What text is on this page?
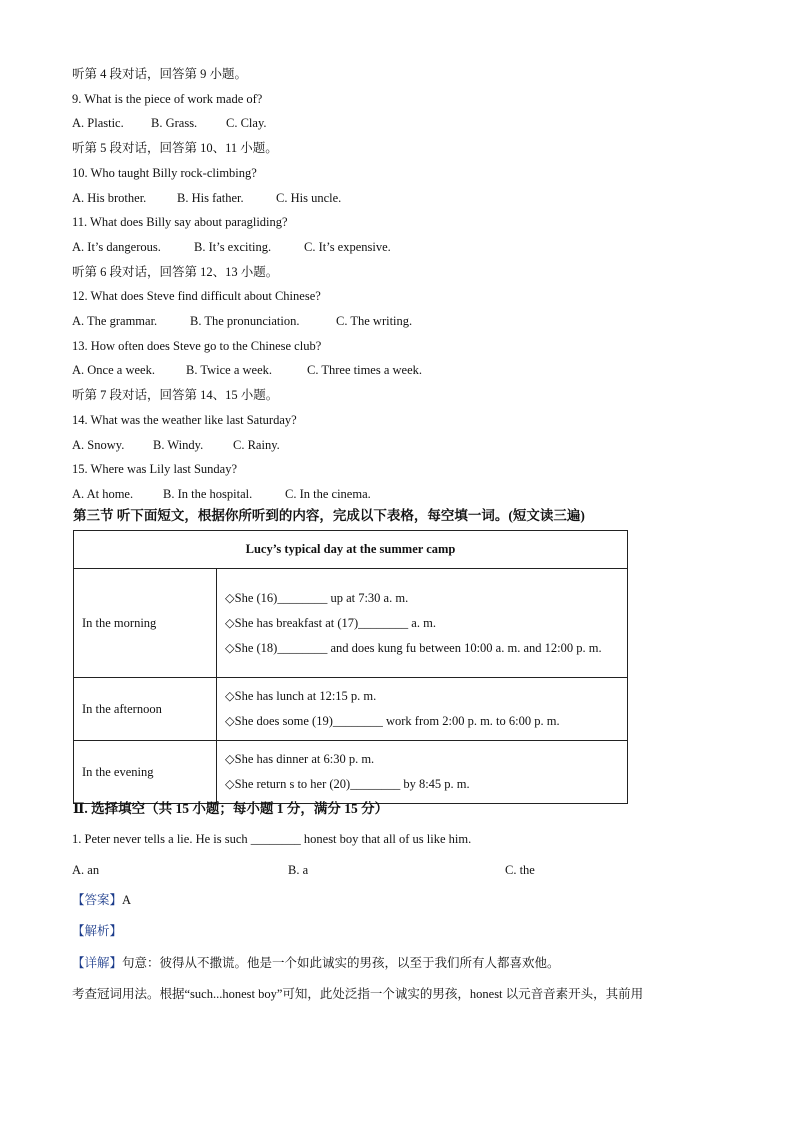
听第 4 段对话，回答第 9 小题。
9. What is the piece of work made of?
A. Plastic. B. Grass. C. Clay.
听第 5 段对话，回答第 10、11 小题。
10. Who taught Billy rock-climbing?
A. His brother. B. His father.	C. His uncle.
11. What does Billy say about paragliding?
A. It’s dangerous.	B. It’s exciting.	C. It’s expensive.
听第 6 段对话，回答第 12、13 小题。
12. What does Steve find difficult about Chinese?
A. The grammar.	B. The pronunciation.	C. The writing.
13. How often does Steve go to the Chinese club?
A. Once a week. B. Twice a week.	C. Three times a week.
听第 7 段对话，回答第 14、15 小题。
14. What was the weather like last Saturday?
A. Snowy. B. Windy. C. Rainy.
15. Where was Lily last Sunday?
A. At home. B. In the hospital.	C. In the cinema.
第三节 听下面短文，根据你所听到的内容，完成以下表格，每空填一词。(短文读三遍)
Lucy’s typical day at the summer camp	
In the morning	◇She (16)________ up at 7:30 a. m.
◇She has breakfast at (17)________ a. m.
◇She (18)________ and does kung fu between 10:00 a. m. and 12:00 p. m.

In the afternoon	◇She has lunch at 12:15 p. m.
◇She does some (19)________ work from 2:00 p. m. to 6:00 p. m.

In the evening	◇She has dinner at 6:30 p. m.
◇She return s to her (20)________ by 8:45 p. m.
Ⅱ. 选择填空（共 15 小题；每小题 1 分，满分 15 分）
1. Peter never tells a lie. He is such ________ honest boy that all of us like him.
A. an	B. a	C. the
【答案】A
【解析】
【详解】句意：彼得从不撒谎。他是一个如此诚实的男孩，以至于我们所有人都喜欢他。
考查冠词用法。根据“such...honest boy”可知，此处泛指一个诚实的男孩，honest 以元音音素开头，其前用
